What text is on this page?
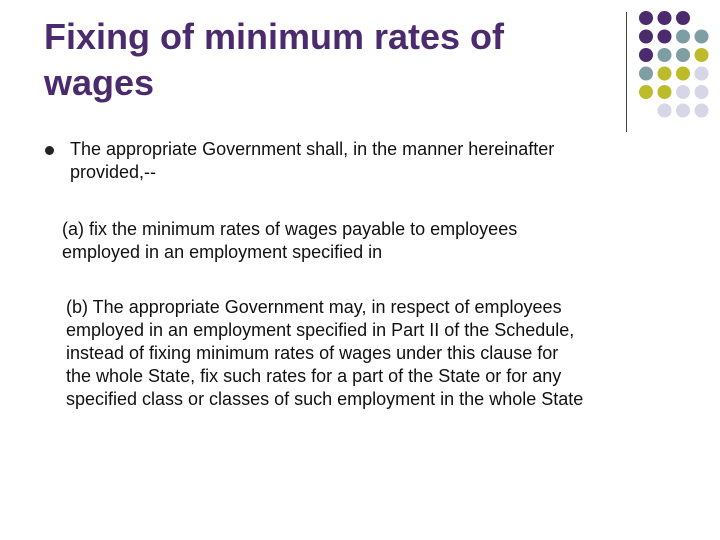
Fixing of minimum rates of wages

The appropriate Government shall, in the manner hereinafter
provided,--

(a) fix the minimum rates of wages payable to employees
employed in an employment specified in

(b) The appropriate Government may, in respect of employees
employed in an employment specified in Part II of the Schedule,
instead of fixing minimum rates of wages under this clause for
the whole State, fix such rates for a part of the State or for any
specified class or classes of such employment in the whole State
